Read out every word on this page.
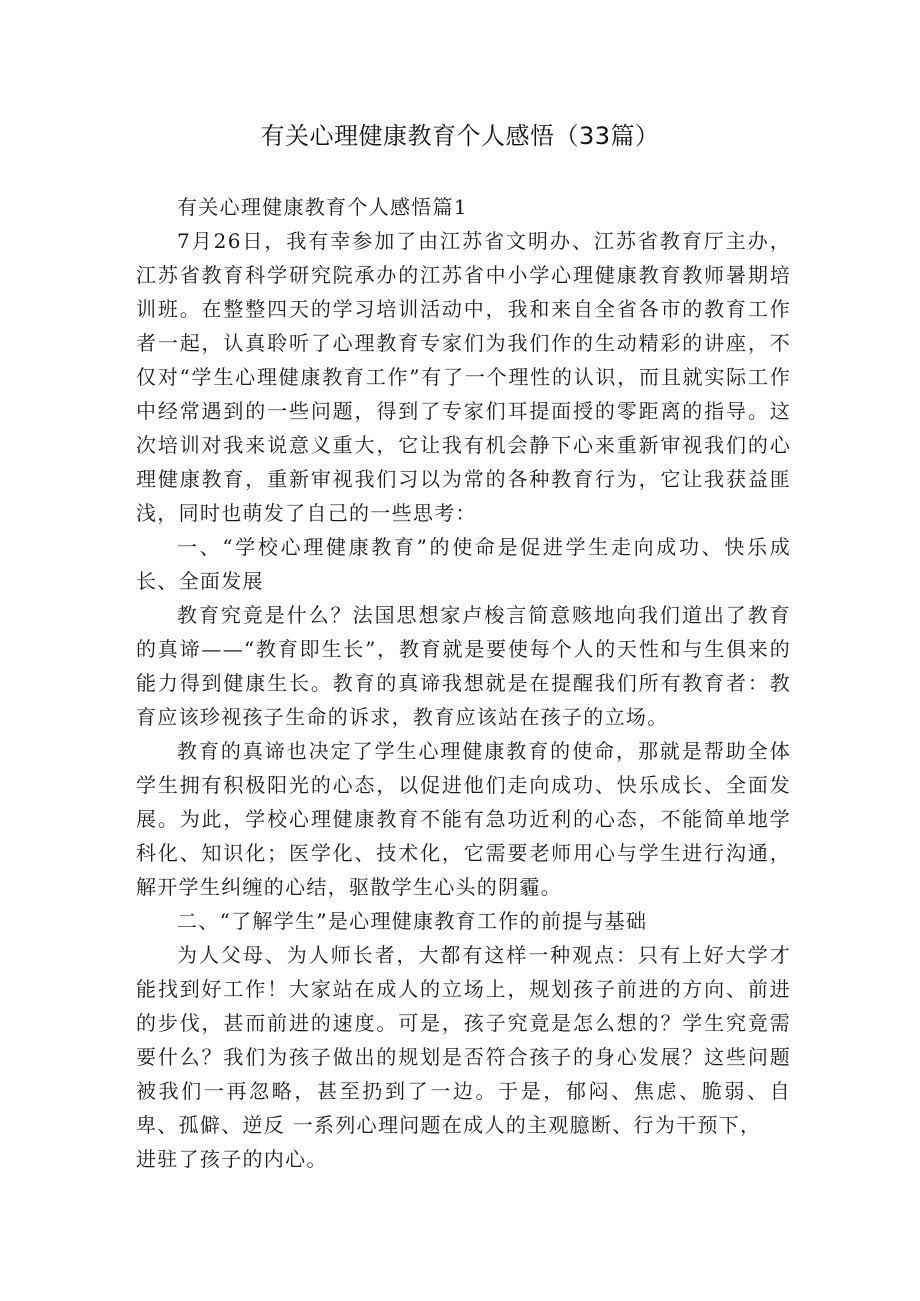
有关心理健康教育个人感悟（33篇）

有关心理健康教育个人感悟篇1

7月26日，我有幸参加了由江苏省文明办、江苏省教育厅主办，江苏省教育科学研究院承办的江苏省中小学心理健康教育教师暑期培训班。在整整四天的学习培训活动中，我和来自全省各市的教育工作者一起，认真聆听了心理教育专家们为我们作的生动精彩的讲座，不仅对“学生心理健康教育工作”有了一个理性的认识，而且就实际工作中经常遇到的一些问题，得到了专家们耳提面授的零距离的指导。这次培训对我来说意义重大，它让我有机会静下心来重新审视我们的心理健康教育，重新审视我们习以为常的各种教育行为，它让我获益匪浅，同时也萌发了自己的一些思考：

一、“学校心理健康教育”的使命是促进学生走向成功、快乐成长、全面发展

教育究竟是什么？法国思想家卢梭言简意赅地向我们道出了教育的真谛——“教育即生长”，教育就是要使每个人的天性和与生俱来的能力得到健康生长。教育的真谛我想就是在提醒我们所有教育者：教育应该珍视孩子生命的诉求，教育应该站在孩子的立场。

教育的真谛也决定了学生心理健康教育的使命，那就是帮助全体学生拥有积极阳光的心态，以促进他们走向成功、快乐成长、全面发展。为此，学校心理健康教育不能有急功近利的心态，不能简单地学科化、知识化；医学化、技术化，它需要老师用心与学生进行沟通，解开学生纠缠的心结，驱散学生心头的阴霾。

二、“了解学生”是心理健康教育工作的前提与基础

为人父母、为人师长者，大都有这样一种观点：只有上好大学才能找到好工作！大家站在成人的立场上，规划孩子前进的方向、前进的步伐，甚而前进的速度。可是，孩子究竟是怎么想的？学生究竟需要什么？我们为孩子做出的规划是否符合孩子的身心发展？这些问题被我们一再忽略，甚至扔到了一边。于是，郁闷、焦虑、脆弱、自卑、孤僻、逆反 一系列心理问题在成人的主观臆断、行为干预下，

进驻了孩子的内心。
